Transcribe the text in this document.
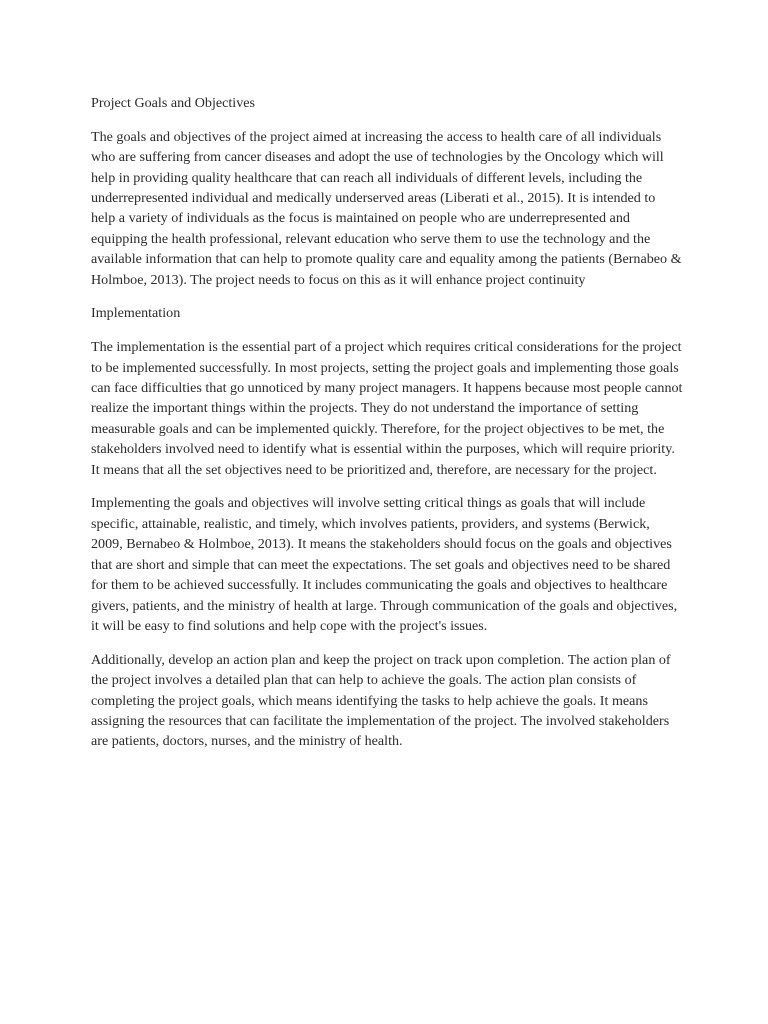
Project Goals and Objectives
The goals and objectives of the project aimed at increasing the access to health care of all individuals who are suffering from cancer diseases and adopt the use of technologies by the Oncology which will help in providing quality healthcare that can reach all individuals of different levels, including the underrepresented individual and medically underserved areas (Liberati et al., 2015). It is intended to help a variety of individuals as the focus is maintained on people who are underrepresented and equipping the health professional, relevant education who serve them to use the technology and the available information that can help to promote quality care and equality among the patients (Bernabeo & Holmboe, 2013). The project needs to focus on this as it will enhance project continuity
Implementation
The implementation is the essential part of a project which requires critical considerations for the project to be implemented successfully. In most projects, setting the project goals and implementing those goals can face difficulties that go unnoticed by many project managers. It happens because most people cannot realize the important things within the projects. They do not understand the importance of setting measurable goals and can be implemented quickly. Therefore, for the project objectives to be met, the stakeholders involved need to identify what is essential within the purposes, which will require priority. It means that all the set objectives need to be prioritized and, therefore, are necessary for the project.
Implementing the goals and objectives will involve setting critical things as goals that will include specific, attainable, realistic, and timely, which involves patients, providers, and systems (Berwick, 2009, Bernabeo & Holmboe, 2013). It means the stakeholders should focus on the goals and objectives that are short and simple that can meet the expectations. The set goals and objectives need to be shared for them to be achieved successfully. It includes communicating the goals and objectives to healthcare givers, patients, and the ministry of health at large. Through communication of the goals and objectives, it will be easy to find solutions and help cope with the project's issues.
Additionally, develop an action plan and keep the project on track upon completion. The action plan of the project involves a detailed plan that can help to achieve the goals. The action plan consists of completing the project goals, which means identifying the tasks to help achieve the goals. It means assigning the resources that can facilitate the implementation of the project. The involved stakeholders are patients, doctors, nurses, and the ministry of health.
